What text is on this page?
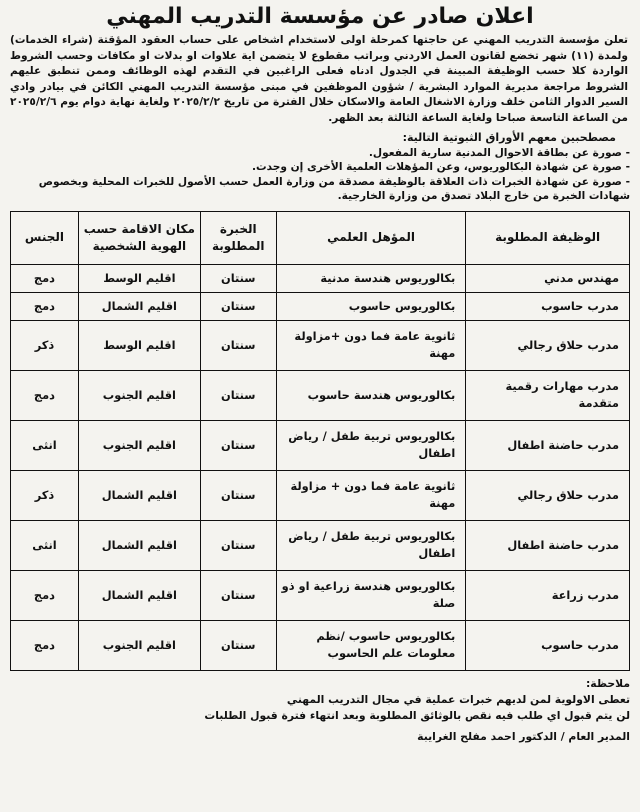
اعلان صادر عن مؤسسة التدريب المهني
تعلن مؤسسة التدريب المهني عن حاجتها كمرحلة اولى لاستخدام اشخاص على حساب العقود المؤقتة (شراء الخدمات) ولمدة (١١) شهر تخضع لقانون العمل الاردني وبراتب مقطوع لا يتضمن اية علاوات او بدلات او مكافات وحسب الشروط الواردة كلا حسب الوظيفة المبينة في الجدول ادناه فعلى الراغبين في التقدم لهذه الوظائف وممن تنطبق عليهم الشروط مراجعة مديرية الموارد البشرية / شؤون الموظفين في مبنى مؤسسة التدريب المهني الكائن في بيادر وادي السير الدوار الثامن خلف وزارة الاشغال العامة والاسكان خلال الفترة من تاريخ ٢٠٢٥/٢/٢ ولغاية نهاية دوام يوم ٢٠٢٥/٢/٦ من الساعة التاسعة صباحا ولغاية الساعة الثالثة بعد الظهر.
مصطحبين معهم الأوراق الثبوتية التالية:
- صورة عن بطاقة الاحوال المدنية سارية المفعول.
- صورة عن شهادة البكالوريوس، وعن المؤهلات العلمية الأخرى إن وجدت.
- صورة عن شهادة الخبرات ذات العلاقة بالوظيفة مصدقة من وزارة العمل حسب الأصول للخبرات المحلية وبخصوص شهادات الخبرة من خارج البلاد تصدق من وزارة الخارجية.
الوظيفة المطلوبة	المؤهل العلمي	الخبرة المطلوبة	مكان الاقامة حسب الهوية الشخصية	الجنس
مهندس مدني	بكالوريوس هندسة مدنية	سنتان	اقليم الوسط	دمج
مدرب حاسوب	بكالوريوس حاسوب	سنتان	اقليم الشمال	دمج
مدرب حلاق رجالي	ثانوية عامة فما دون +مزاولة مهنة	سنتان	اقليم الوسط	ذكر
مدرب مهارات رقمية متقدمة	بكالوريوس هندسة حاسوب	سنتان	اقليم الجنوب	دمج
مدرب حاضنة اطفال	بكالوريوس تربية طفل / رياض اطفال	سنتان	اقليم الجنوب	انثى
مدرب حلاق رجالي	ثانوية عامة فما دون + مزاولة مهنة	سنتان	اقليم الشمال	ذكر
مدرب حاضنة اطفال	بكالوريوس تربية طفل / رياض اطفال	سنتان	اقليم الشمال	انثى
مدرب زراعة	بكالوريوس هندسة زراعية او ذو صلة	سنتان	اقليم الشمال	دمج
مدرب حاسوب	بكالوريوس حاسوب /نظم معلومات علم الحاسوب	سنتان	اقليم الجنوب	دمج
ملاحظة:
تعطى الاولوية لمن لديهم خبرات عملية في مجال التدريب المهني
لن يتم قبول اي طلب فيه نقص بالوثائق المطلوبة وبعد انتهاء فترة قبول الطلبات
المدير العام / الدكتور احمد مفلح الغرايبة
